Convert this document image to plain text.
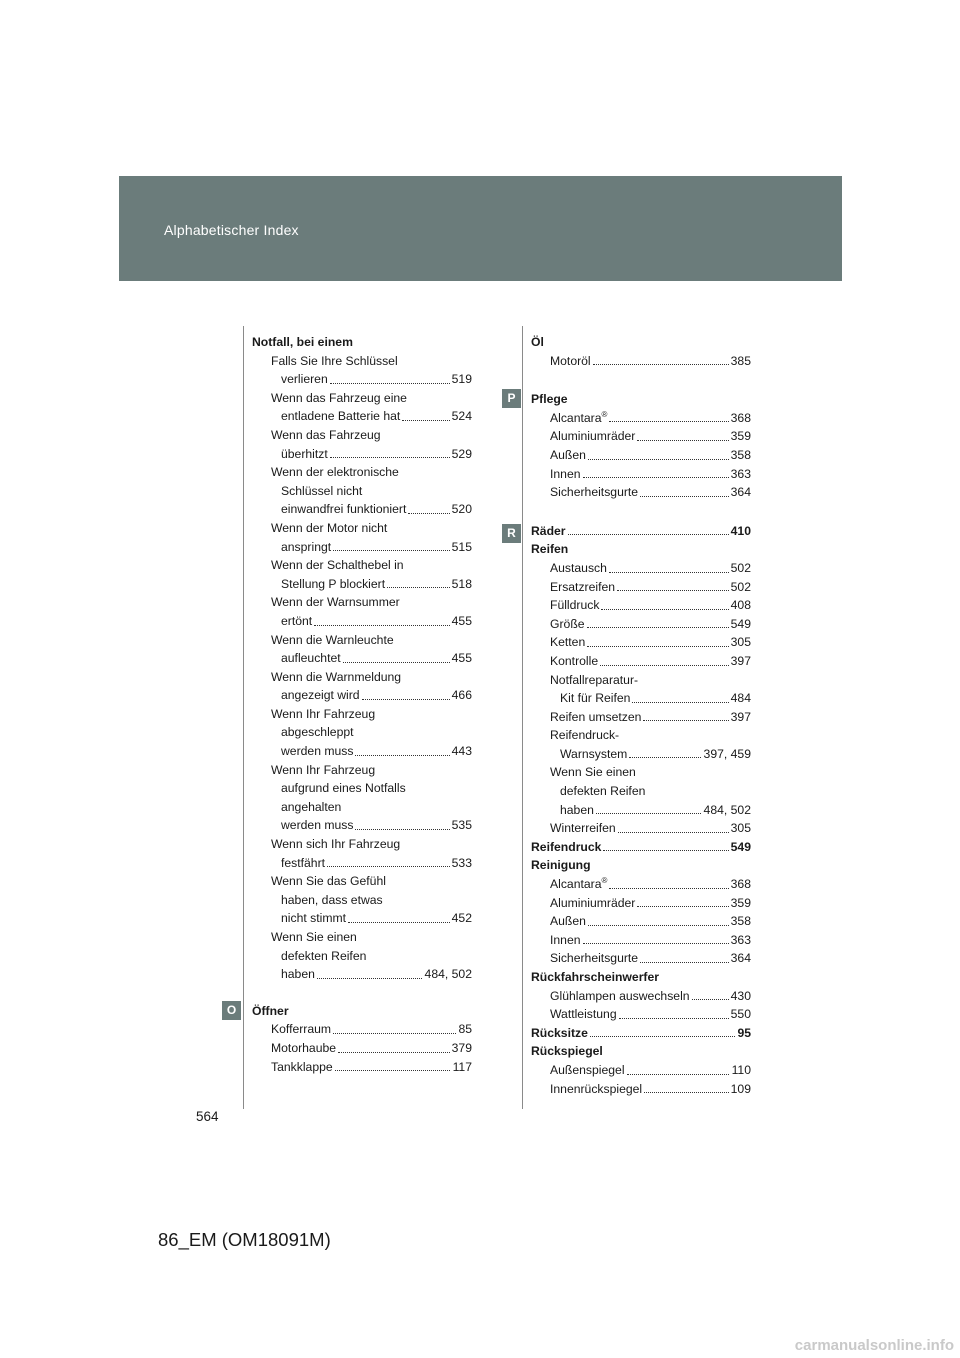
Alphabetischer Index
O
P
R
Notfall, bei einem
Falls Sie Ihre Schlüssel
verlieren	519
Wenn das Fahrzeug eine
entladene Batterie hat	524
Wenn das Fahrzeug
überhitzt	529
Wenn der elektronische
Schlüssel nicht
einwandfrei funktioniert	520
Wenn der Motor nicht
anspringt	515
Wenn der Schalthebel in
Stellung P blockiert	518
Wenn der Warnsummer
ertönt	455
Wenn die Warnleuchte
aufleuchtet	455
Wenn die Warnmeldung
angezeigt wird	466
Wenn Ihr Fahrzeug
abgeschleppt
werden muss	443
Wenn Ihr Fahrzeug
aufgrund eines Notfalls
angehalten
werden muss	535
Wenn sich Ihr Fahrzeug
festfährt	533
Wenn Sie das Gefühl
haben, dass etwas
nicht stimmt	452
Wenn Sie einen
defekten Reifen
haben	484, 502
Öffner
Kofferraum	85
Motorhaube	379
Tankklappe	117
Öl
Motoröl	385
Pflege
Alcantara®	368
Aluminiumräder	359
Außen	358
Innen	363
Sicherheitsgurte	364
Räder	410
Reifen
Austausch	502
Ersatzreifen	502
Fülldruck	408
Größe	549
Ketten	305
Kontrolle	397
Notfallreparatur-
Kit für Reifen	484
Reifen umsetzen	397
Reifendruck-
Warnsystem	397, 459
Wenn Sie einen
defekten Reifen
haben	484, 502
Winterreifen	305
Reifendruck	549
Reinigung
Alcantara®	368
Aluminiumräder	359
Außen	358
Innen	363
Sicherheitsgurte	364
Rückfahrscheinwerfer
Glühlampen auswechseln	430
Wattleistung	550
Rücksitze	95
Rückspiegel
Außenspiegel	110
Innenrückspiegel	109
564
86_EM (OM18091M)
carmanualsonline.info
